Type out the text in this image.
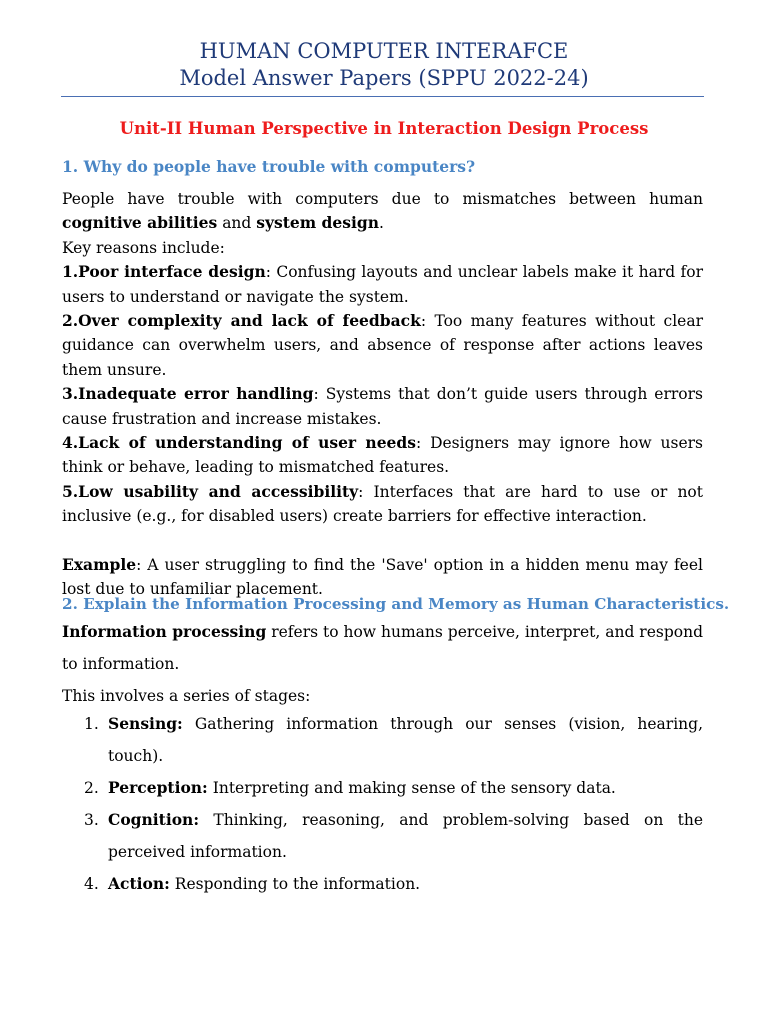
HUMAN COMPUTER INTERAFCE
Model Answer Papers (SPPU 2022-24)
Unit-II Human Perspective in Interaction Design Process
1. Why do people have trouble with computers?

People have trouble with computers due to mismatches between human cognitive abilities and system design.

Key reasons include:

1.Poor interface design: Confusing layouts and unclear labels make it hard for users to understand or navigate the system.

2.Over complexity and lack of feedback: Too many features without clear guidance can overwhelm users, and absence of response after actions leaves them unsure.

3.Inadequate error handling: Systems that don’t guide users through errors cause frustration and increase mistakes.

4.Lack of understanding of user needs: Designers may ignore how users think or behave, leading to mismatched features.

5.Low usability and accessibility: Interfaces that are hard to use or not inclusive (e.g., for disabled users) create barriers for effective interaction.

Example: A user struggling to find the 'Save' option in a hidden menu may feel lost due to unfamiliar placement.

2. Explain the Information Processing and Memory as Human Characteristics.

Information processing refers to how humans perceive, interpret, and respond to information.

This involves a series of stages:

1. Sensing: Gathering information through our senses (vision, hearing, touch).
2. Perception: Interpreting and making sense of the sensory data.
3. Cognition: Thinking, reasoning, and problem-solving based on the perceived information.
4. Action: Responding to the information.
